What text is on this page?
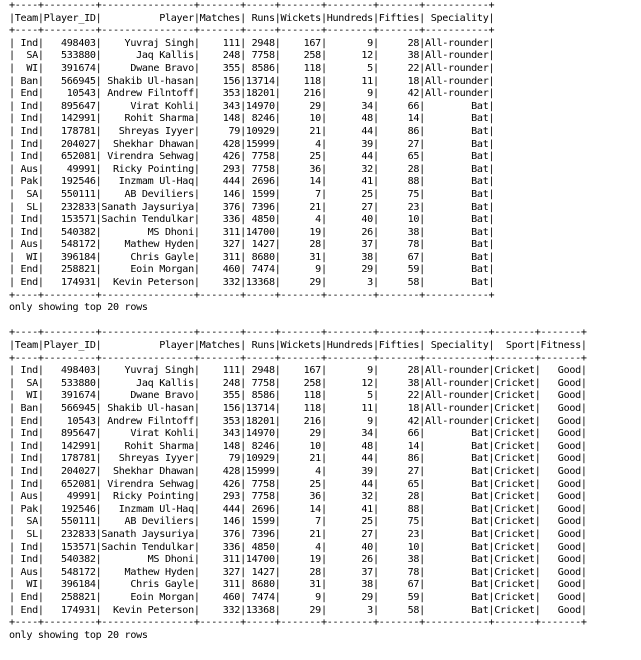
+----+---------+----------------+-------+-----+-------+--------+-------+-----------+
|Team|Player_ID|          Player|Matches| Runs|Wickets|Hundreds|Fifties| Speciality|
+----+---------+----------------+-------+-----+-------+--------+-------+-----------+
| Ind|   498403|    Yuvraj Singh|    111| 2948|    167|       9|     28|All-rounder|
|  SA|   533880|      Jaq Kallis|    248| 7758|    258|      12|     38|All-rounder|
|  WI|   391674|     Dwane Bravo|    355| 8586|    118|       5|     22|All-rounder|
| Ban|   566945| Shakib Ul-hasan|    156|13714|    118|      11|     18|All-rounder|
| End|    10543| Andrew Filntoff|    353|18201|    216|       9|     42|All-rounder|
| Ind|   895647|     Virat Kohli|    343|14970|     29|      34|     66|        Bat|
| Ind|   142991|    Rohit Sharma|    148| 8246|     10|      48|     14|        Bat|
| Ind|   178781|   Shreyas Iyyer|     79|10929|     21|      44|     86|        Bat|
| Ind|   204027|  Shekhar Dhawan|    428|15999|      4|      39|     27|        Bat|
| Ind|   652081| Virendra Sehwag|    426| 7758|     25|      44|     65|        Bat|
| Aus|    49991|  Ricky Pointing|    293| 7758|     36|      32|     28|        Bat|
| Pak|   192546|   Inzmam Ul-Haq|    444| 2696|     14|      41|     88|        Bat|
|  SA|   550111|    AB Deviliers|    146| 1599|      7|      25|     75|        Bat|
|  SL|   232833|Sanath Jaysuriya|    376| 7396|     21|      27|     23|        Bat|
| Ind|   153571|Sachin Tendulkar|    336| 4850|      4|      40|     10|        Bat|
| Ind|   540382|        MS Dhoni|    311|14700|     19|      26|     38|        Bat|
| Aus|   548172|    Mathew Hyden|    327| 1427|     28|      37|     78|        Bat|
|  WI|   396184|     Chris Gayle|    311| 8680|     31|      38|     67|        Bat|
| End|   258821|     Eoin Morgan|    460| 7474|      9|      29|     59|        Bat|
| End|   174931|  Kevin Peterson|    332|13368|     29|       3|     58|        Bat|
+----+---------+----------------+-------+-----+-------+--------+-------+-----------+
only showing top 20 rows

+----+---------+----------------+-------+-----+-------+--------+-------+-----------+-------+-------+
|Team|Player_ID|          Player|Matches| Runs|Wickets|Hundreds|Fifties| Speciality|  Sport|Fitness|
+----+---------+----------------+-------+-----+-------+--------+-------+-----------+-------+-------+
| Ind|   498403|    Yuvraj Singh|    111| 2948|    167|       9|     28|All-rounder|Cricket|   Good|
|  SA|   533880|      Jaq Kallis|    248| 7758|    258|      12|     38|All-rounder|Cricket|   Good|
|  WI|   391674|     Dwane Bravo|    355| 8586|    118|       5|     22|All-rounder|Cricket|   Good|
| Ban|   566945| Shakib Ul-hasan|    156|13714|    118|      11|     18|All-rounder|Cricket|   Good|
| End|    10543| Andrew Filntoff|    353|18201|    216|       9|     42|All-rounder|Cricket|   Good|
| Ind|   895647|     Virat Kohli|    343|14970|     29|      34|     66|        Bat|Cricket|   Good|
| Ind|   142991|    Rohit Sharma|    148| 8246|     10|      48|     14|        Bat|Cricket|   Good|
| Ind|   178781|   Shreyas Iyyer|     79|10929|     21|      44|     86|        Bat|Cricket|   Good|
| Ind|   204027|  Shekhar Dhawan|    428|15999|      4|      39|     27|        Bat|Cricket|   Good|
| Ind|   652081| Virendra Sehwag|    426| 7758|     25|      44|     65|        Bat|Cricket|   Good|
| Aus|    49991|  Ricky Pointing|    293| 7758|     36|      32|     28|        Bat|Cricket|   Good|
| Pak|   192546|   Inzmam Ul-Haq|    444| 2696|     14|      41|     88|        Bat|Cricket|   Good|
|  SA|   550111|    AB Deviliers|    146| 1599|      7|      25|     75|        Bat|Cricket|   Good|
|  SL|   232833|Sanath Jaysuriya|    376| 7396|     21|      27|     23|        Bat|Cricket|   Good|
| Ind|   153571|Sachin Tendulkar|    336| 4850|      4|      40|     10|        Bat|Cricket|   Good|
| Ind|   540382|        MS Dhoni|    311|14700|     19|      26|     38|        Bat|Cricket|   Good|
| Aus|   548172|    Mathew Hyden|    327| 1427|     28|      37|     78|        Bat|Cricket|   Good|
|  WI|   396184|     Chris Gayle|    311| 8680|     31|      38|     67|        Bat|Cricket|   Good|
| End|   258821|     Eoin Morgan|    460| 7474|      9|      29|     59|        Bat|Cricket|   Good|
| End|   174931|  Kevin Peterson|    332|13368|     29|       3|     58|        Bat|Cricket|   Good|
+----+---------+----------------+-------+-----+-------+--------+-------+-----------+-------+-------+
only showing top 20 rows
